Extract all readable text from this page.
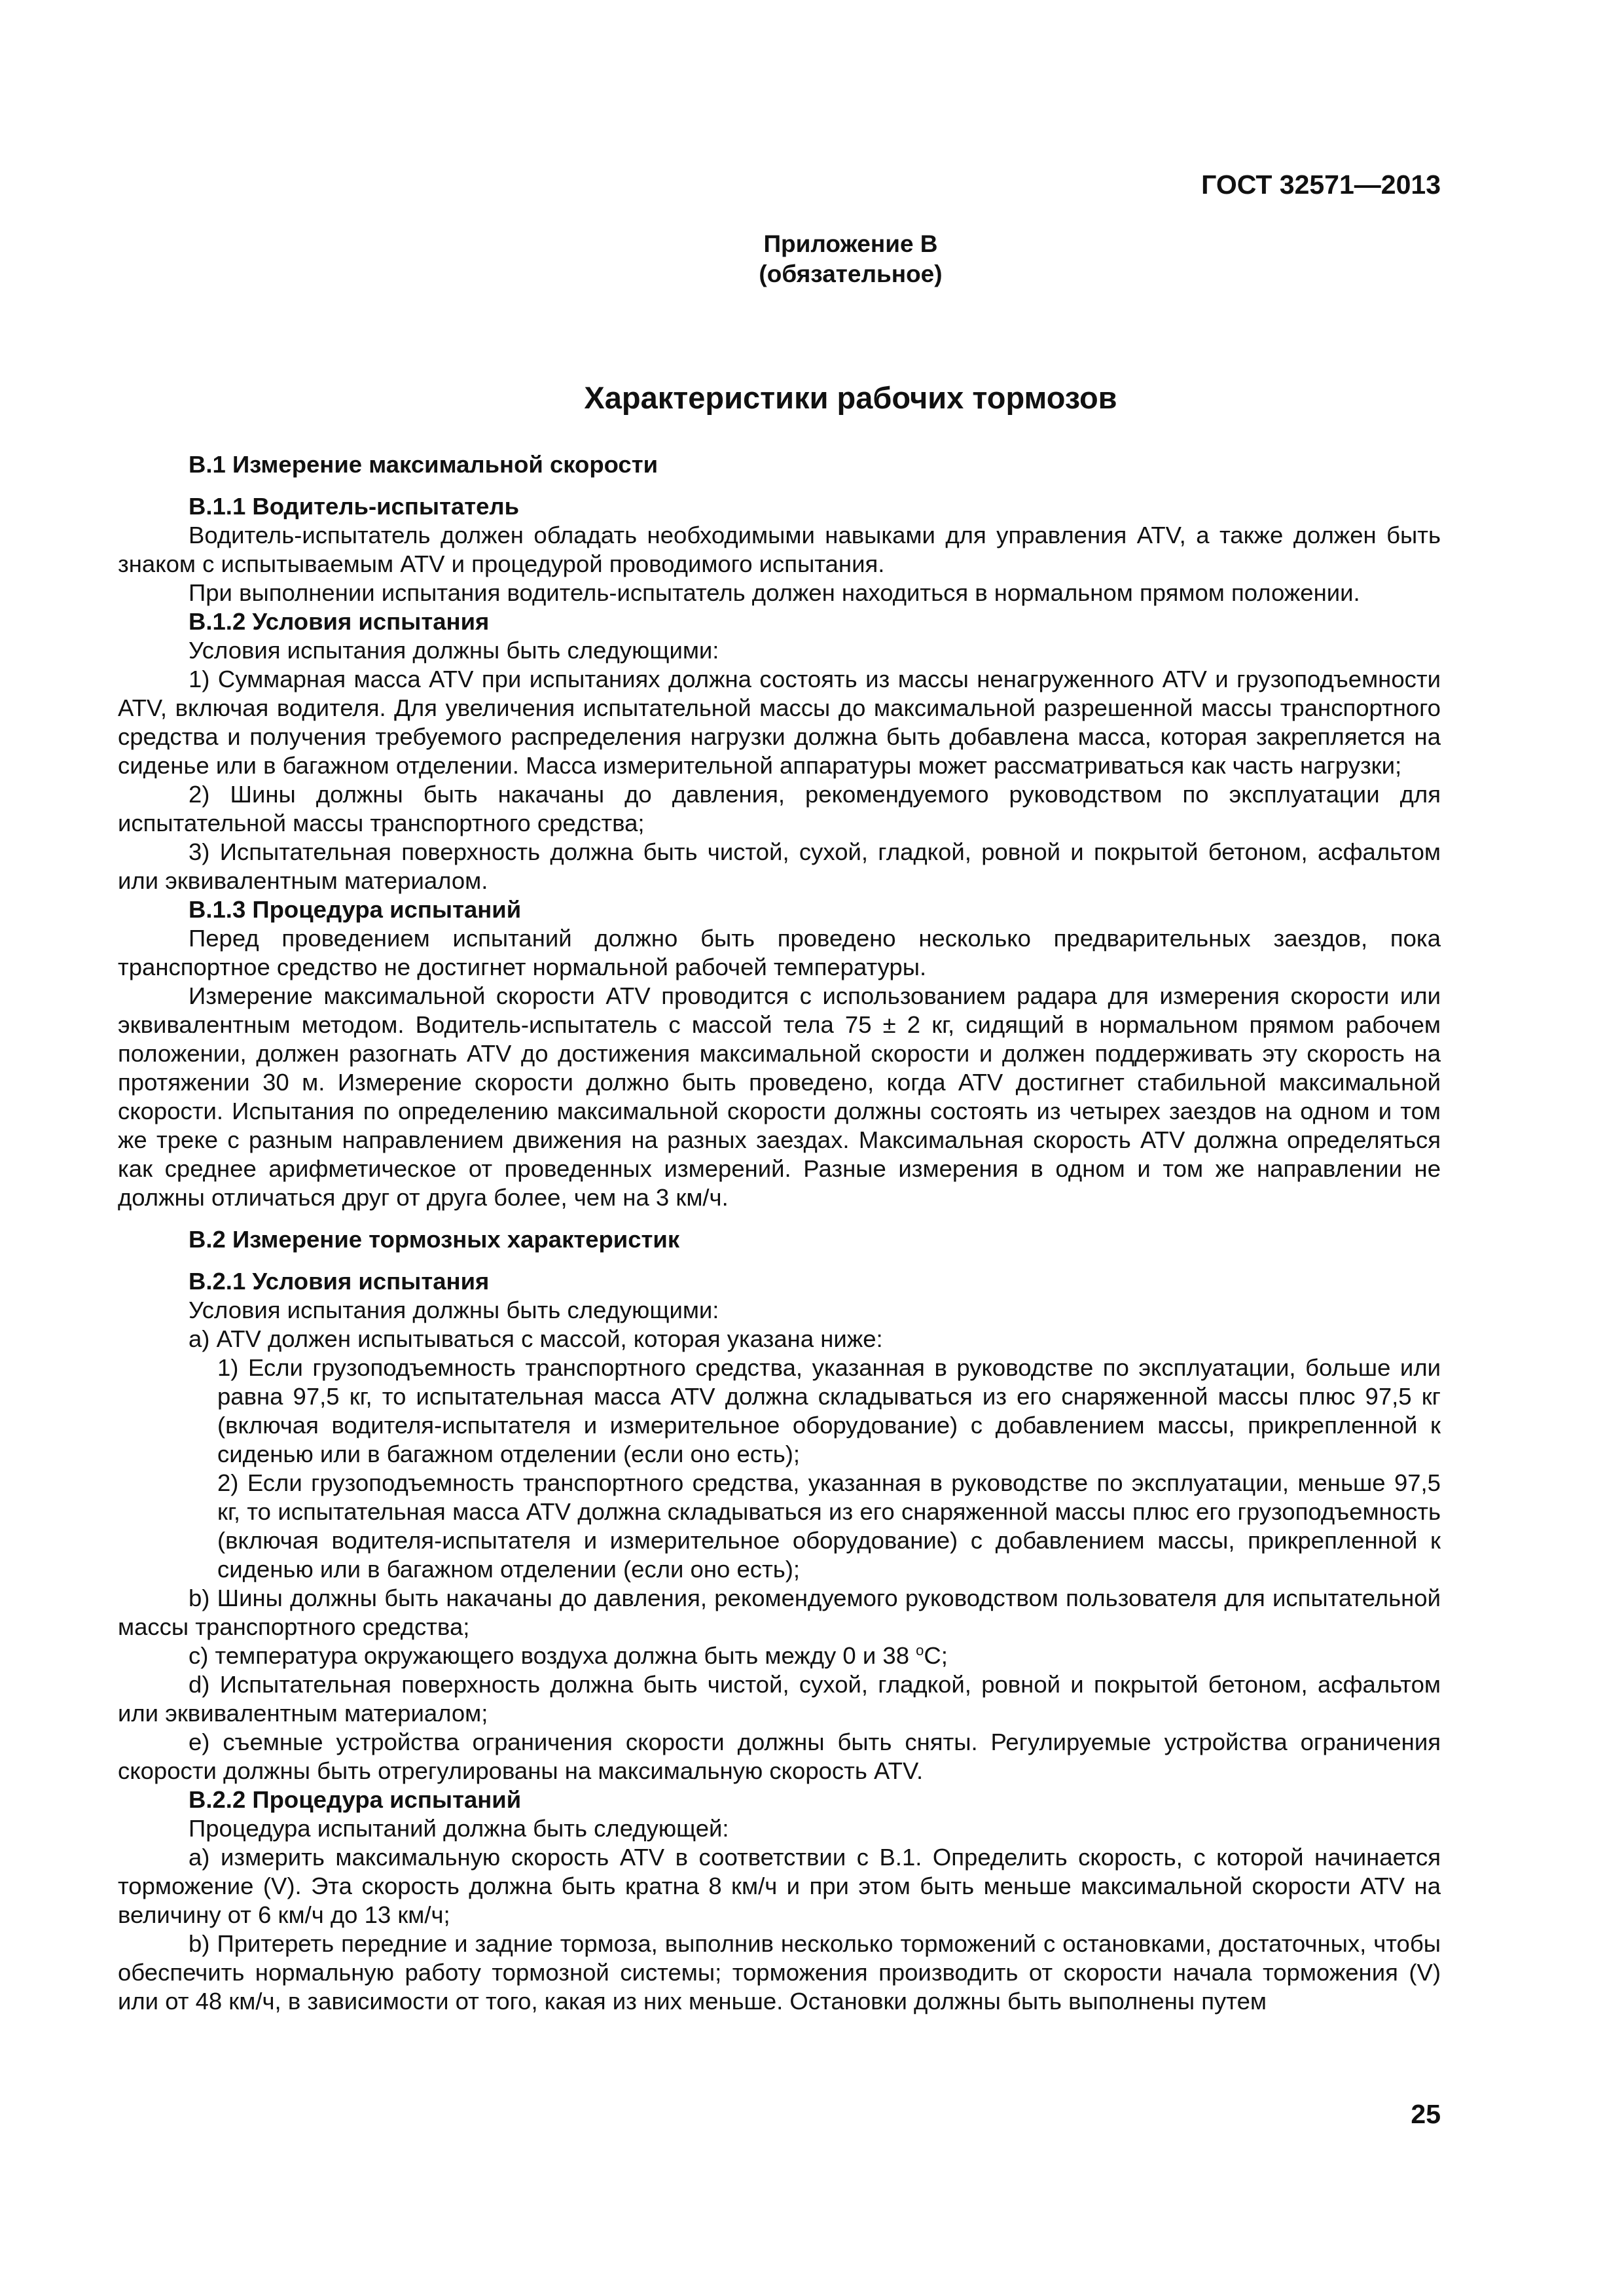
ГОСТ 32571—2013
Приложение В
(обязательное)
Характеристики рабочих тормозов
В.1 Измерение максимальной скорости
В.1.1 Водитель-испытатель

Водитель-испытатель должен обладать необходимыми навыками для управления ATV, а также должен быть знаком с испытываемым ATV и процедурой проводимого испытания.

При выполнении испытания водитель-испытатель должен находиться в нормальном прямом положении.

В.1.2 Условия испытания

Условия испытания должны быть следующими:

1) Суммарная масса ATV при испытаниях должна состоять из массы ненагруженного ATV и грузоподъемности ATV, включая водителя. Для увеличения испытательной массы до максимальной разрешенной массы транспортного средства и получения требуемого распределения нагрузки должна быть добавлена масса, которая закрепляется на сиденье или в багажном отделении. Масса измерительной аппаратуры может рассматриваться как часть нагрузки;

2) Шины должны быть накачаны до давления, рекомендуемого руководством по эксплуатации для испытательной массы транспортного средства;

3) Испытательная поверхность должна быть чистой, сухой, гладкой, ровной и покрытой бетоном, асфальтом или эквивалентным материалом.

В.1.3 Процедура испытаний

Перед проведением испытаний должно быть проведено несколько предварительных заездов, пока транспортное средство не достигнет нормальной рабочей температуры.

Измерение максимальной скорости ATV проводится с использованием радара для измерения скорости или эквивалентным методом. Водитель-испытатель с массой тела 75 ± 2 кг, сидящий в нормальном прямом рабочем положении, должен разогнать ATV до достижения максимальной скорости и должен поддерживать эту скорость на протяжении 30 м. Измерение скорости должно быть проведено, когда ATV достигнет стабильной максимальной скорости. Испытания по определению максимальной скорости должны состоять из четырех заездов на одном и том же треке с разным направлением движения на разных заездах. Максимальная скорость ATV должна определяться как среднее арифметическое от проведенных измерений. Разные измерения в одном и том же направлении не должны отличаться друг от друга более, чем на 3 км/ч.

В.2 Измерение тормозных характеристик
В.2.1 Условия испытания

Условия испытания должны быть следующими:

а) ATV должен испытываться с массой, которая указана ниже:

1) Если грузоподъемность транспортного средства, указанная в руководстве по эксплуатации, больше или равна 97,5 кг, то испытательная масса ATV должна складываться из его снаряженной массы плюс 97,5 кг (включая водителя-испытателя и измерительное оборудование) с добавлением массы, прикрепленной к сиденью или в багажном отделении (если оно есть);

2) Если грузоподъемность транспортного средства, указанная в руководстве по эксплуатации, меньше 97,5 кг, то испытательная масса ATV должна складываться из его снаряженной массы плюс его грузоподъемность (включая водителя-испытателя и измерительное оборудование) с добавлением массы, прикрепленной к сиденью или в багажном отделении (если оно есть);

b) Шины должны быть накачаны до давления, рекомендуемого руководством пользователя для испытательной массы транспортного средства;

c) температура окружающего воздуха должна быть между 0 и 38 $^о$С;

d) Испытательная поверхность должна быть чистой, сухой, гладкой, ровной и покрытой бетоном, асфальтом или эквивалентным материалом;

e) съемные устройства ограничения скорости должны быть сняты. Регулируемые устройства ограничения скорости должны быть отрегулированы на максимальную скорость ATV.

В.2.2 Процедура испытаний

Процедура испытаний должна быть следующей:

а) измерить максимальную скорость ATV в соответствии с В.1. Определить скорость, с которой начинается торможение (V). Эта скорость должна быть кратна 8 км/ч и при этом быть меньше максимальной скорости ATV на величину от 6 км/ч до 13 км/ч;

b) Притереть передние и задние тормоза, выполнив несколько торможений с остановками, достаточных, чтобы обеспечить нормальную работу тормозной системы; торможения производить от скорости начала торможения (V) или от 48 км/ч, в зависимости от того, какая из них меньше. Остановки должны быть выполнены путем

25
